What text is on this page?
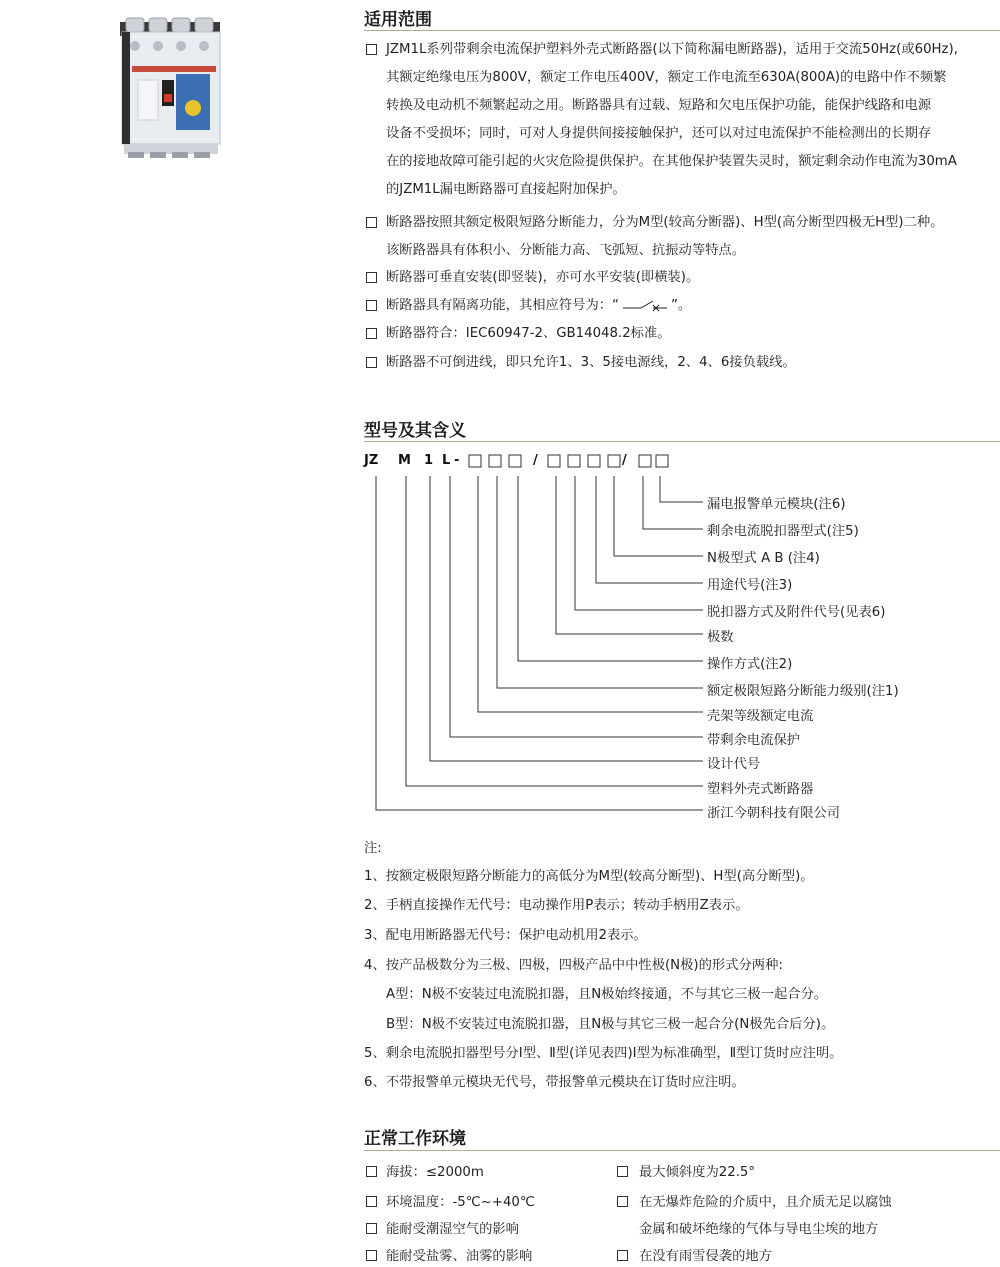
适用范围
JZM1L系列带剩余电流保护塑料外壳式断路器(以下简称漏电断路器)，适用于交流50Hz(或60Hz),
其额定绝缘电压为800V，额定工作电压400V，额定工作电流至630A(800A)的电路中作不频繁
转换及电动机不频繁起动之用。断路器具有过载、短路和欠电压保护功能，能保护线路和电源
设备不受损坏；同时，可对人身提供间接接触保护，还可以对过电流保护不能检测出的长期存
在的接地故障可能引起的火灾危险提供保护。在其他保护装置失灵时，额定剩余动作电流为30mA
的JZM1L漏电断路器可直接起附加保护。
断路器按照其额定极限短路分断能力，分为M型(较高分断器)、H型(高分断型四极无H型)二种。
该断路器具有体积小、分断能力高、飞弧短、抗振动等特点。
断路器可垂直安装(即竖装)，亦可水平安装(即横装)。
断路器具有隔离功能，其相应符号为：“	”。
断路器符合：IEC60947-2、GB14048.2标准。
断路器不可倒进线，即只允许1、3、5接电源线，2、4、6接负载线。
型号及其含义
JZ M 1 L -	/	/
漏电报警单元模块(注6)
剩余电流脱扣器型式(注5)
N极型式 A B (注4)
用途代号(注3)
脱扣器方式及附件代号(见表6)
极数
操作方式(注2)
额定极限短路分断能力级别(注1)
壳架等级额定电流
带剩余电流保护
设计代号
塑料外壳式断路器
浙江今朝科技有限公司
注:
1、按额定极限短路分断能力的高低分为M型(较高分断型)、H型(高分断型)。
2、手柄直接操作无代号：电动操作用P表示；转动手柄用Z表示。
3、配电用断路器无代号：保护电动机用2表示。
4、按产品极数分为三极、四极，四极产品中中性极(N极)的形式分两种:
A型：N极不安装过电流脱扣器，且N极始终接通，不与其它三极一起合分。
B型：N极不安装过电流脱扣器，且N极与其它三极一起合分(N极先合后分)。
5、剩余电流脱扣器型号分Ⅰ型、Ⅱ型(详见表四)Ⅰ型为标准确型，Ⅱ型订货时应注明。
6、不带报警单元模块无代号，带报警单元模块在订货时应注明。
正常工作环境
海拔：≤2000m
环境温度：-5℃~+40℃
能耐受潮湿空气的影响
能耐受盐雾、油雾的影响
最大倾斜度为22.5°
在无爆炸危险的介质中，且介质无足以腐蚀
金属和破坏绝缘的气体与导电尘埃的地方
在没有雨雪侵袭的地方
